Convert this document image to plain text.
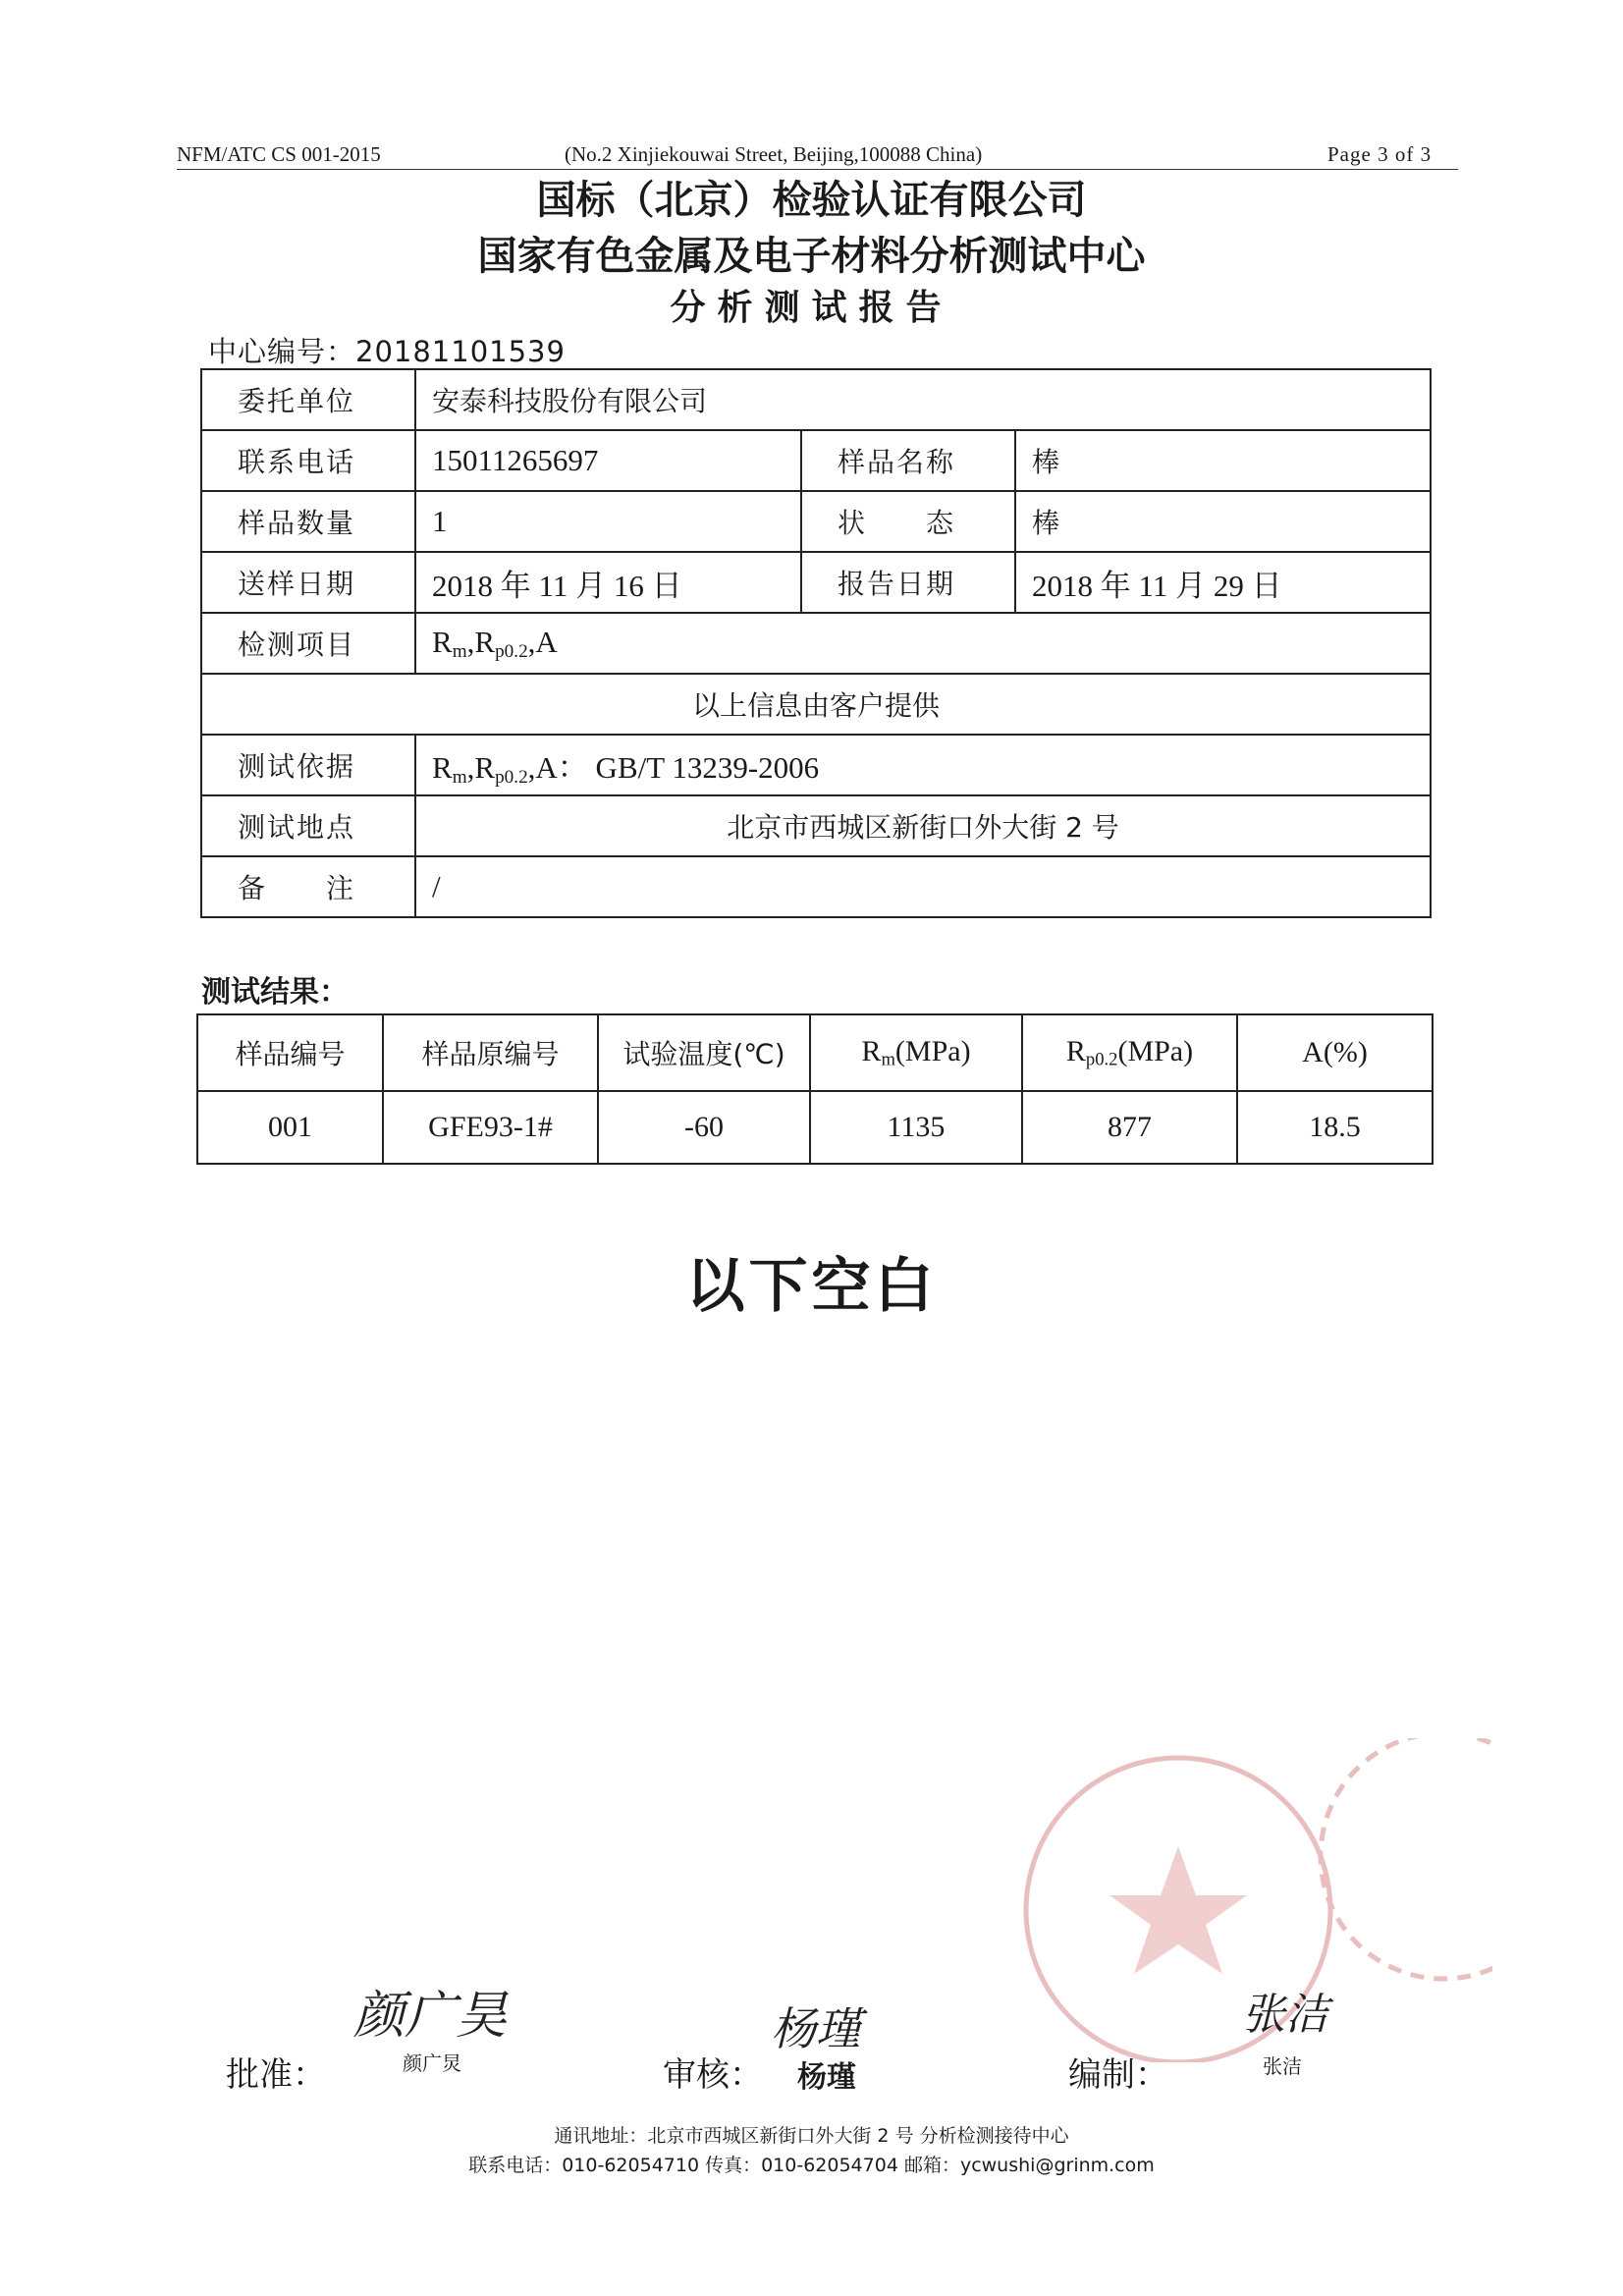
NFM/ATC CS 001-2015	(No.2 Xinjiekouwai Street, Beijing,100088 China)	Page 3 of 3
国标（北京）检验认证有限公司
国家有色金属及电子材料分析测试中心
分析测试报告
中心编号：20181101539
委托单位	安泰科技股份有限公司		
联系电话	15011265697	样品名称	棒
样品数量	1	状 态	棒
送样日期	2018 年 11 月 16 日	报告日期	2018 年 11 月 29 日
检测项目	$R_m,R_{p0.2},A$		
以上信息由客户提供			
测试依据	$R_m,R_{p0.2},A$： GB/T 13239-2006		
测试地点	北京市西城区新街口外大街 2 号		

备 注	/		
测试结果：
样品编号	样品原编号	试验温度(℃)	$R_m(MPa)$	$R_{p0.2}(MPa)$	A(%)
001	GFE93-1#	-60	1135	877	18.5
以下空白
批准：
颜广昊
颜广炅	审核：
杨瑾
杨瑾	编制：
张洁
张洁
通讯地址：北京市西城区新街口外大街 2 号 分析检测接待中心
联系电话：010-62054710 传真：010-62054704 邮箱：ycwushi@grinm.com
